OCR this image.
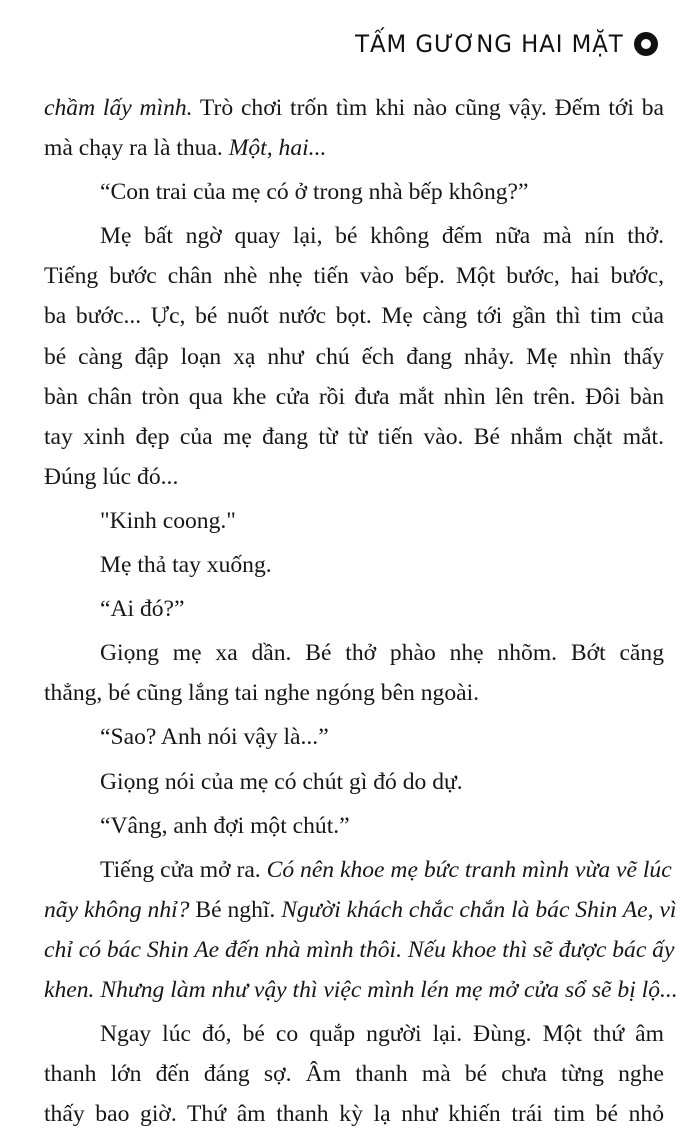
TẤM GƯƠNG HAI MẶT
chầm lấy mình. Trò chơi trốn tìm khi nào cũng vậy. Đếm tới ba
mà chạy ra là thua. Một, hai...
“Con trai của mẹ có ở trong nhà bếp không?”
Mẹ bất ngờ quay lại, bé không đếm nữa mà nín thở.
Tiếng bước chân nhè nhẹ tiến vào bếp. Một bước, hai bước,
ba bước... Ực, bé nuốt nước bọt. Mẹ càng tới gần thì tim của
bé càng đập loạn xạ như chú ếch đang nhảy. Mẹ nhìn thấy
bàn chân tròn qua khe cửa rồi đưa mắt nhìn lên trên. Đôi bàn
tay xinh đẹp của mẹ đang từ từ tiến vào. Bé nhắm chặt mắt.
Đúng lúc đó...
"Kinh coong."
Mẹ thả tay xuống.
“Ai đó?”
Giọng mẹ xa dần. Bé thở phào nhẹ nhõm. Bớt căng
thẳng, bé cũng lắng tai nghe ngóng bên ngoài.
“Sao? Anh nói vậy là...”
Giọng nói của mẹ có chút gì đó do dự.
“Vâng, anh đợi một chút.”
Tiếng cửa mở ra. Có nên khoe mẹ bức tranh mình vừa vẽ lúc
nãy không nhỉ? Bé nghĩ. Người khách chắc chắn là bác Shin Ae, vì
chỉ có bác Shin Ae đến nhà mình thôi. Nếu khoe thì sẽ được bác ấy
khen. Nhưng làm như vậy thì việc mình lén mẹ mở cửa sổ sẽ bị lộ...
Ngay lúc đó, bé co quắp người lại. Đùng. Một thứ âm
thanh lớn đến đáng sợ. Âm thanh mà bé chưa từng nghe
thấy bao giờ. Thứ âm thanh kỳ lạ như khiến trái tim bé nhỏ
